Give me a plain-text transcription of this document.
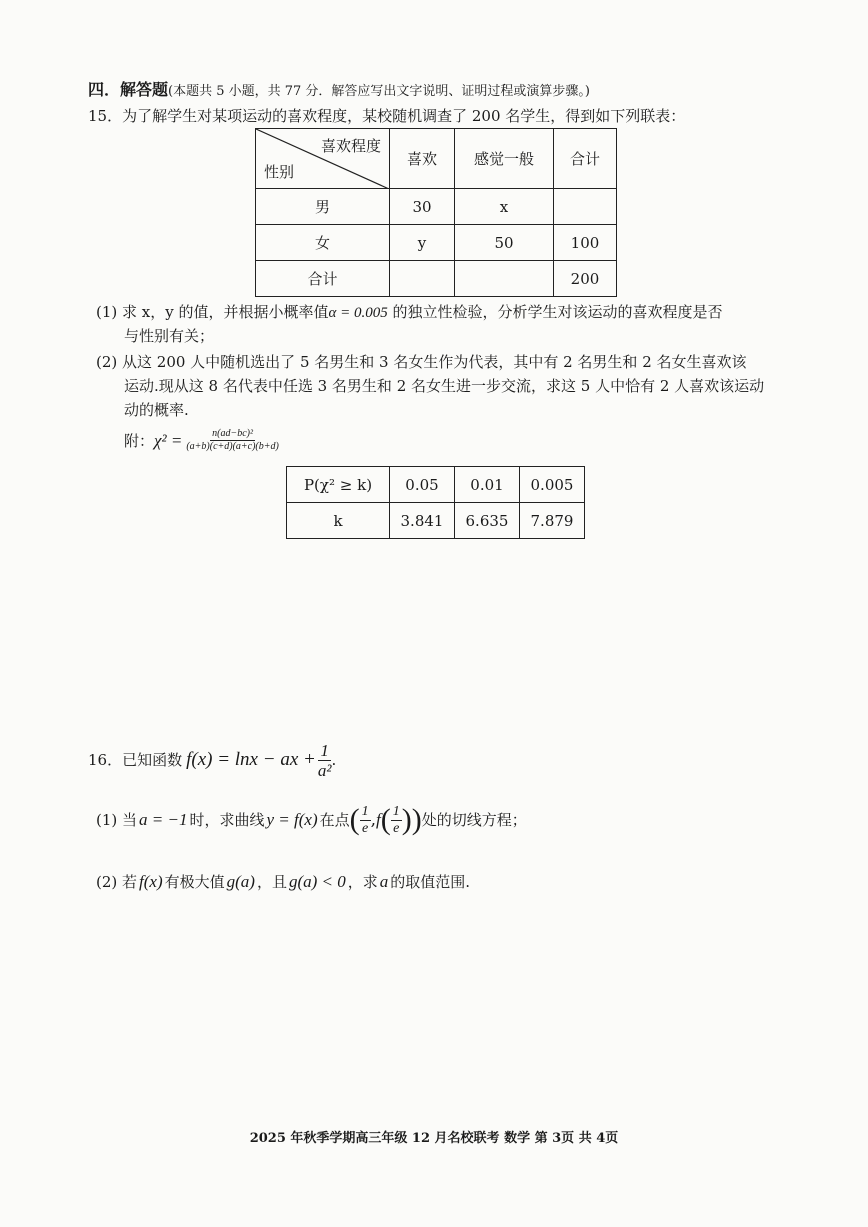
四．解答题(本题共 5 小题，共 77 分．解答应写出文字说明、证明过程或演算步骤。)
15．为了解学生对某项运动的喜欢程度，某校随机调查了 200 名学生，得到如下列联表：
喜欢程度
性别	喜欢	感觉一般	合计
男	30	x	
女	y	50	100
合计			200
(1) 求 x，y 的值，并根据小概率值α = 0.005 的独立性检验，分析学生对该运动的喜欢程度是否
与性别有关；
(2) 从这 200 人中随机选出了 5 名男生和 3 名女生作为代表，其中有 2 名男生和 2 名女生喜欢该
运动.现从这 8 名代表中任选 3 名男生和 2 名女生进一步交流，求这 5 人中恰有 2 人喜欢该运动
动的概率.
附： $\chi^2 = \frac{\text{n(ad−bc)²}}{(a+b)(c+d)(a+c)(b+d)}$
P(χ² ≥ k)	0.05	0.01	0.005
k	3.841	6.635	7.879
16．已知函数 f(x) = lnx − ax + $\frac{1}{\text{a²}}$ .
(1) 当 a = −1 时，求曲线 y = f(x) 在点 ( $\frac{1}{e}$ , f ( $\frac{1}{e}$ ) ) 处的切线方程；
(2) 若 f(x) 有极大值 g(a) ，且 g(a) < 0 ，求 a 的取值范围.
2025 年秋季学期高三年级 12 月名校联考 数学 第 3页 共 4页
